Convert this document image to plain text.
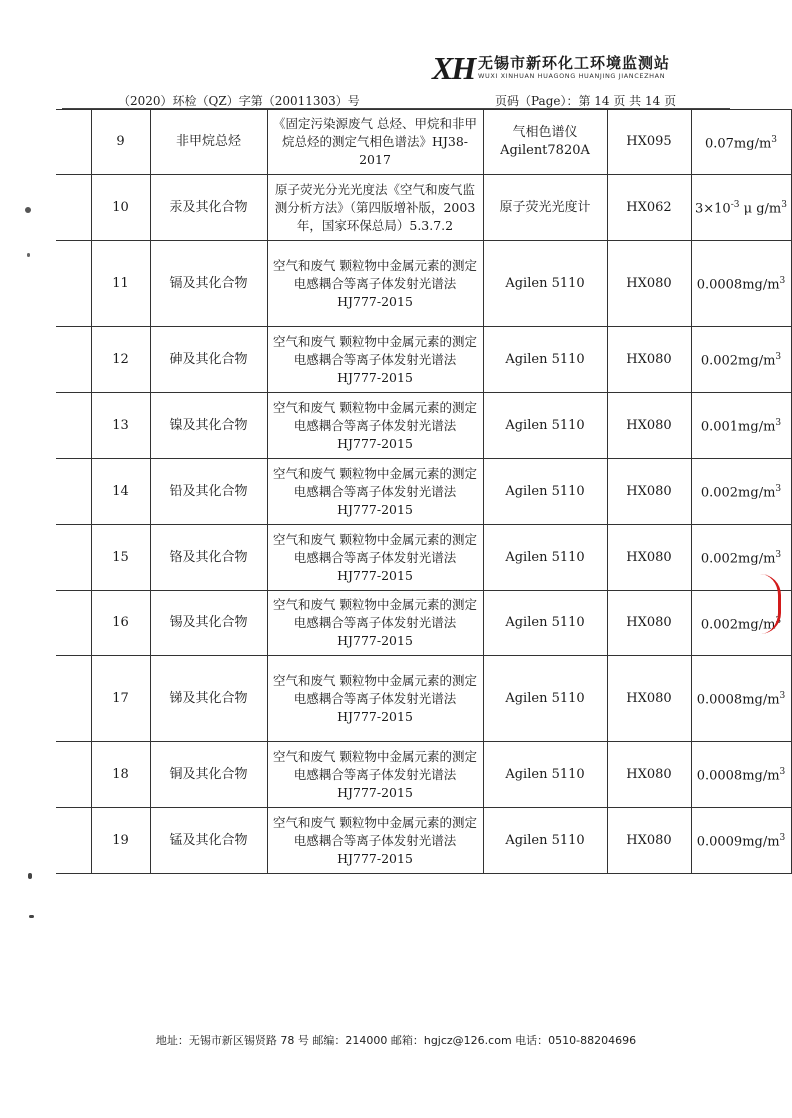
XH 无锡市新环化工环境监测站
WUXI XINHUAN HUAGONG HUANJING JIANCEZHAN
（2020）环检（QZ）字第（20011303）号	页码（Page）：第 14 页 共 14 页
	9	非甲烷总烃	《固定污染源废气 总烃、甲烷和非甲烷总烃的测定气相色谱法》HJ38-2017	气相色谱仪 Agilent7820A	HX095	$0.07mg/m^3$
	10	汞及其化合物	原子荧光分光光度法《空气和废气监测分析方法》（第四版增补版，2003 年，国家环保总局）5.3.7.2	原子荧光光度计	HX062	$3\times 10^{-3}$ μ $g/m^3$
	11	镉及其化合物	空气和废气 颗粒物中金属元素的测定 电感耦合等离子体发射光谱法 HJ777-2015	Agilen 5110	HX080	$0.0008mg/m^3$
	12	砷及其化合物	空气和废气 颗粒物中金属元素的测定 电感耦合等离子体发射光谱法 HJ777-2015	Agilen 5110	HX080	$0.002mg/m^3$
	13	镍及其化合物	空气和废气 颗粒物中金属元素的测定 电感耦合等离子体发射光谱法 HJ777-2015	Agilen 5110	HX080	$0.001mg/m^3$
	14	铅及其化合物	空气和废气 颗粒物中金属元素的测定 电感耦合等离子体发射光谱法 HJ777-2015	Agilen 5110	HX080	$0.002mg/m^3$
	15	铬及其化合物	空气和废气 颗粒物中金属元素的测定 电感耦合等离子体发射光谱法 HJ777-2015	Agilen 5110	HX080	$0.002mg/m^3$
	16	锡及其化合物	空气和废气 颗粒物中金属元素的测定 电感耦合等离子体发射光谱法 HJ777-2015	Agilen 5110	HX080	$0.002mg/m^3$
	17	锑及其化合物	空气和废气 颗粒物中金属元素的测定 电感耦合等离子体发射光谱法 HJ777-2015	Agilen 5110	HX080	$0.0008mg/m^3$
	18	铜及其化合物	空气和废气 颗粒物中金属元素的测定 电感耦合等离子体发射光谱法 HJ777-2015	Agilen 5110	HX080	$0.0008mg/m^3$
	19	锰及其化合物	空气和废气 颗粒物中金属元素的测定 电感耦合等离子体发射光谱法 HJ777-2015	Agilen 5110	HX080	$0.0009mg/m^3$
地址：无锡市新区锡贤路 78 号 邮编：214000 邮箱：hgjcz@126.com 电话：0510-88204696
